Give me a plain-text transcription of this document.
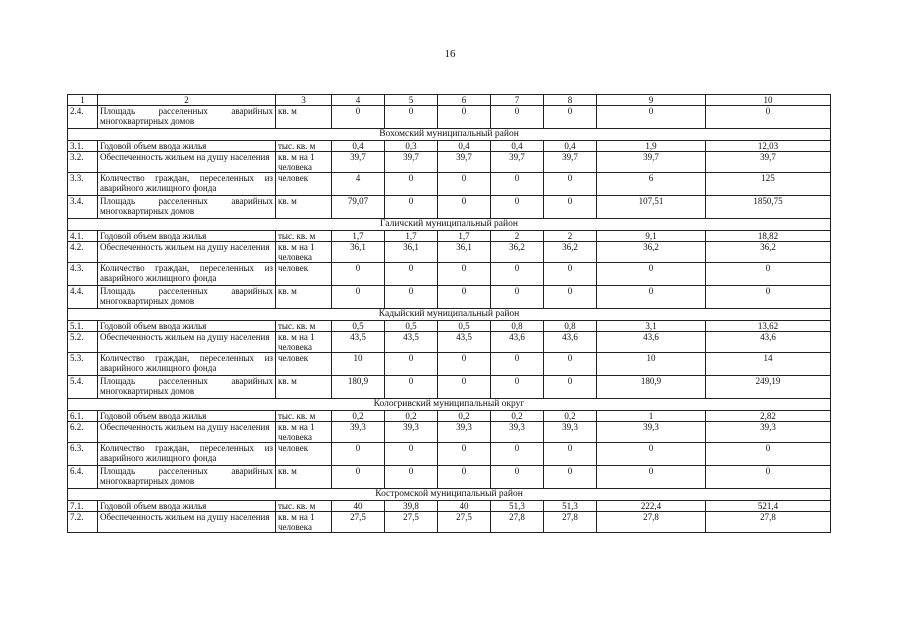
16
1	2	3	4	5	6	7	8	9	10
2.4.	Площадь расселенных аварийных многоквартирных домов	кв. м	0	0	0	0	0	0	0
Вохомский муниципальный район									
3.1.	Годовой объем ввода жилья	тыс. кв. м	0,4	0,3	0,4	0,4	0,4	1,9	12,03
3.2.	Обеспеченность жильем на душу населения	кв. м на 1 человека	39,7	39,7	39,7	39,7	39,7	39,7	39,7
3.3.	Количество граждан, переселенных из аварийного жилищного фонда	человек	4	0	0	0	0	6	125
3.4.	Площадь расселенных аварийных многоквартирных домов	кв. м	79,07	0	0	0	0	107,51	1850,75
Галичский муниципальный район									
4.1.	Годовой объем ввода жилья	тыс. кв. м	1,7	1,7	1,7	2	2	9,1	18,82
4.2.	Обеспеченность жильем на душу населения	кв. м на 1 человека	36,1	36,1	36,1	36,2	36,2	36,2	36,2
4.3.	Количество граждан, переселенных из аварийного жилищного фонда	человек	0	0	0	0	0	0	0
4.4.	Площадь расселенных аварийных многоквартирных домов	кв. м	0	0	0	0	0	0	0
Кадыйский муниципальный район									
5.1.	Годовой объем ввода жилья	тыс. кв. м	0,5	0,5	0,5	0,8	0,8	3,1	13,62
5.2.	Обеспеченность жильем на душу населения	кв. м на 1 человека	43,5	43,5	43,5	43,6	43,6	43,6	43,6
5.3.	Количество граждан, переселенных из аварийного жилищного фонда	человек	10	0	0	0	0	10	14
5.4.	Площадь расселенных аварийных многоквартирных домов	кв. м	180,9	0	0	0	0	180,9	249,19
Кологривский муниципальный округ									
6.1.	Годовой объем ввода жилья	тыс. кв. м	0,2	0,2	0,2	0,2	0,2	1	2,82
6.2.	Обеспеченность жильем на душу населения	кв. м на 1 человека	39,3	39,3	39,3	39,3	39,3	39,3	39,3
6.3.	Количество граждан, переселенных из аварийного жилищного фонда	человек	0	0	0	0	0	0	0
6.4.	Площадь расселенных аварийных многоквартирных домов	кв. м	0	0	0	0	0	0	0
Костромской муниципальный район									
7.1.	Годовой объем ввода жилья	тыс. кв. м	40	39,8	40	51,3	51,3	222,4	521,4
7.2.	Обеспеченность жильем на душу населения	кв. м на 1 человека	27,5	27,5	27,5	27,8	27,8	27,8	27,8
